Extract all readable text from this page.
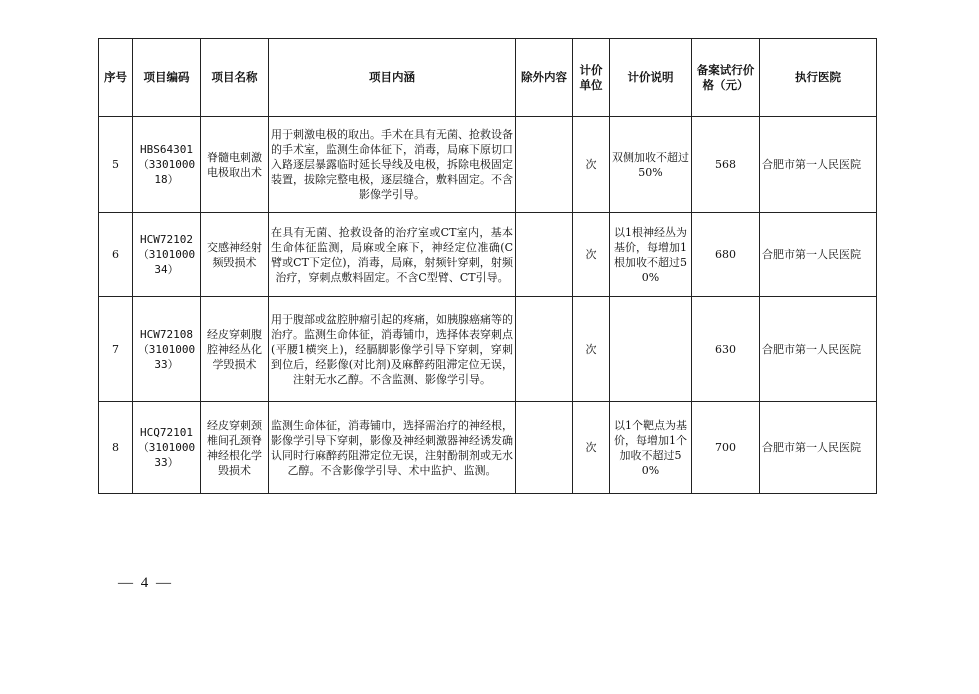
序号	项目编码	项目名称	项目内涵	除外内容	计价单位	计价说明	备案试行价格（元）	执行医院
5	HBS64301（330100018）	脊髓电刺激电极取出术	用于刺激电极的取出。手术在具有无菌、抢救设备的手术室，监测生命体征下，消毒，局麻下原切口入路逐层暴露临时延长导线及电极，拆除电极固定装置，拔除完整电极，逐层缝合，敷料固定。不含影像学引导。		次	双侧加收不超过50%	568	合肥市第一人民医院
6	HCW72102（310100034）	交感神经射频毁损术	在具有无菌、抢救设备的治疗室或CT室内，基本生命体征监测，局麻或全麻下，神经定位准确(C臂或CT下定位)，消毒，局麻，射频针穿刺，射频治疗，穿刺点敷料固定。不含C型臂、CT引导。		次	以1根神经丛为基价，每增加1根加收不超过50%	680	合肥市第一人民医院
7	HCW72108（310100033）	经皮穿刺腹腔神经丛化学毁损术	用于腹部或盆腔肿瘤引起的疼痛，如胰腺癌痛等的治疗。监测生命体征，消毒铺巾，选择体表穿刺点(平腰1横突上)，经膈脚影像学引导下穿刺，穿刺到位后，经影像(对比剂)及麻醉药阻滞定位无误，注射无水乙醇。不含监测、影像学引导。		次		630	合肥市第一人民医院
8	HCQ72101（310100033）	经皮穿刺颈椎间孔颈脊神经根化学毁损术	监测生命体征，消毒铺巾，选择需治疗的神经根，影像学引导下穿刺，影像及神经刺激器神经诱发确认同时行麻醉药阻滞定位无误，注射酚制剂或无水乙醇。不含影像学引导、术中监护、监测。		次	以1个靶点为基价，每增加1个加收不超过50%	700	合肥市第一人民医院
— 4 —
